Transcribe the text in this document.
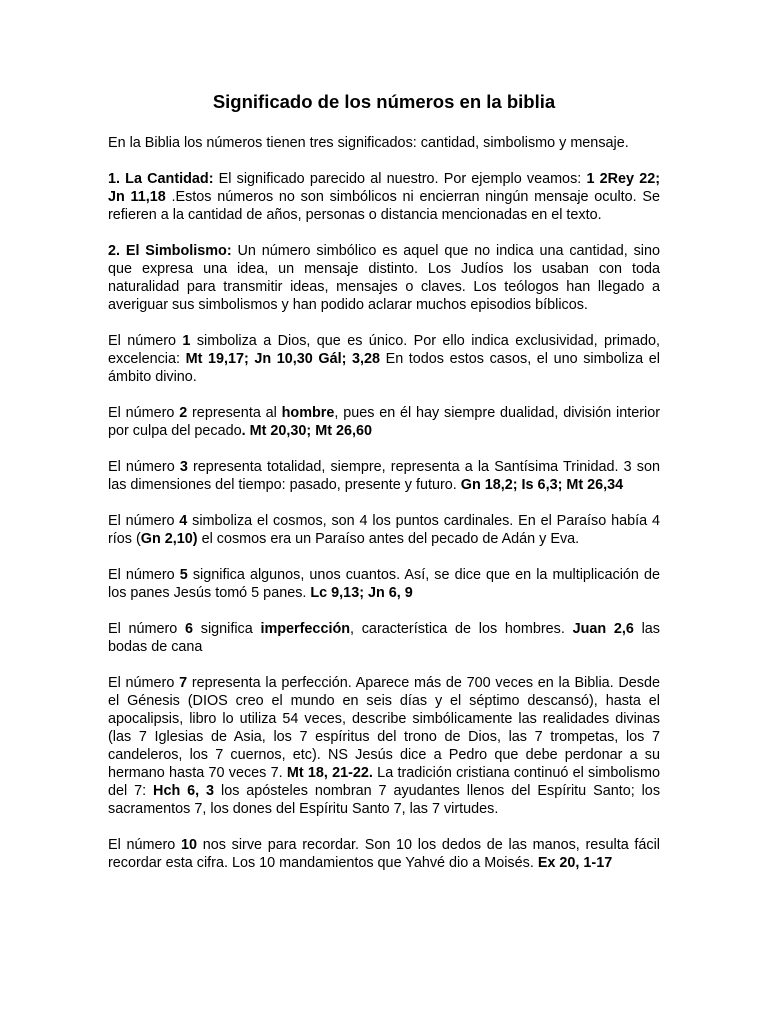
Significado de los números en la biblia

En la Biblia los números tienen tres significados: cantidad, simbolismo y mensaje.

1. La Cantidad: El significado parecido al nuestro. Por ejemplo veamos: 1 2Rey 22; Jn 11,18 .Estos números no son simbólicos ni encierran ningún mensaje oculto. Se refieren a la cantidad de años, personas o distancia mencionadas en el texto.

2. El Simbolismo: Un número simbólico es aquel que no indica una cantidad, sino que expresa una idea, un mensaje distinto. Los Judíos los usaban con toda naturalidad para transmitir ideas, mensajes o claves. Los teólogos han llegado a averiguar sus simbolismos y han podido aclarar muchos episodios bíblicos.

El número 1 simboliza a Dios, que es único. Por ello indica exclusividad, primado, excelencia: Mt 19,17; Jn 10,30 Gál; 3,28 En todos estos casos, el uno simboliza el ámbito divino.

El número 2 representa al hombre, pues en él hay siempre dualidad, división interior por culpa del pecado. Mt 20,30; Mt 26,60

El número 3 representa totalidad, siempre, representa a la Santísima Trinidad. 3 son las dimensiones del tiempo: pasado, presente y futuro. Gn 18,2; Is 6,3; Mt 26,34

El número 4 simboliza el cosmos, son 4 los puntos cardinales. En el Paraíso había 4 ríos (Gn 2,10) el cosmos era un Paraíso antes del pecado de Adán y Eva.

El número 5 significa algunos, unos cuantos. Así, se dice que en la multiplicación de los panes Jesús tomó 5 panes. Lc 9,13; Jn 6, 9

El número 6 significa imperfección, característica de los hombres. Juan 2,6 las bodas de cana

El número 7 representa la perfección. Aparece más de 700 veces en la Biblia. Desde el Génesis (DIOS creo el mundo en seis días y el séptimo descansó), hasta el apocalipsis, libro lo utiliza 54 veces, describe simbólicamente las realidades divinas (las 7 Iglesias de Asia, los 7 espíritus del trono de Dios, las 7 trompetas, los 7 candeleros, los 7 cuernos, etc). NS Jesús dice a Pedro que debe perdonar a su hermano hasta 70 veces 7. Mt 18, 21-22. La tradición cristiana continuó el simbolismo del 7: Hch 6, 3 los apósteles nombran 7 ayudantes llenos del Espíritu Santo; los sacramentos 7, los dones del Espíritu Santo 7, las 7 virtudes.

El número 10 nos sirve para recordar. Son 10 los dedos de las manos, resulta fácil recordar esta cifra. Los 10 mandamientos que Yahvé dio a Moisés. Ex 20, 1-17
